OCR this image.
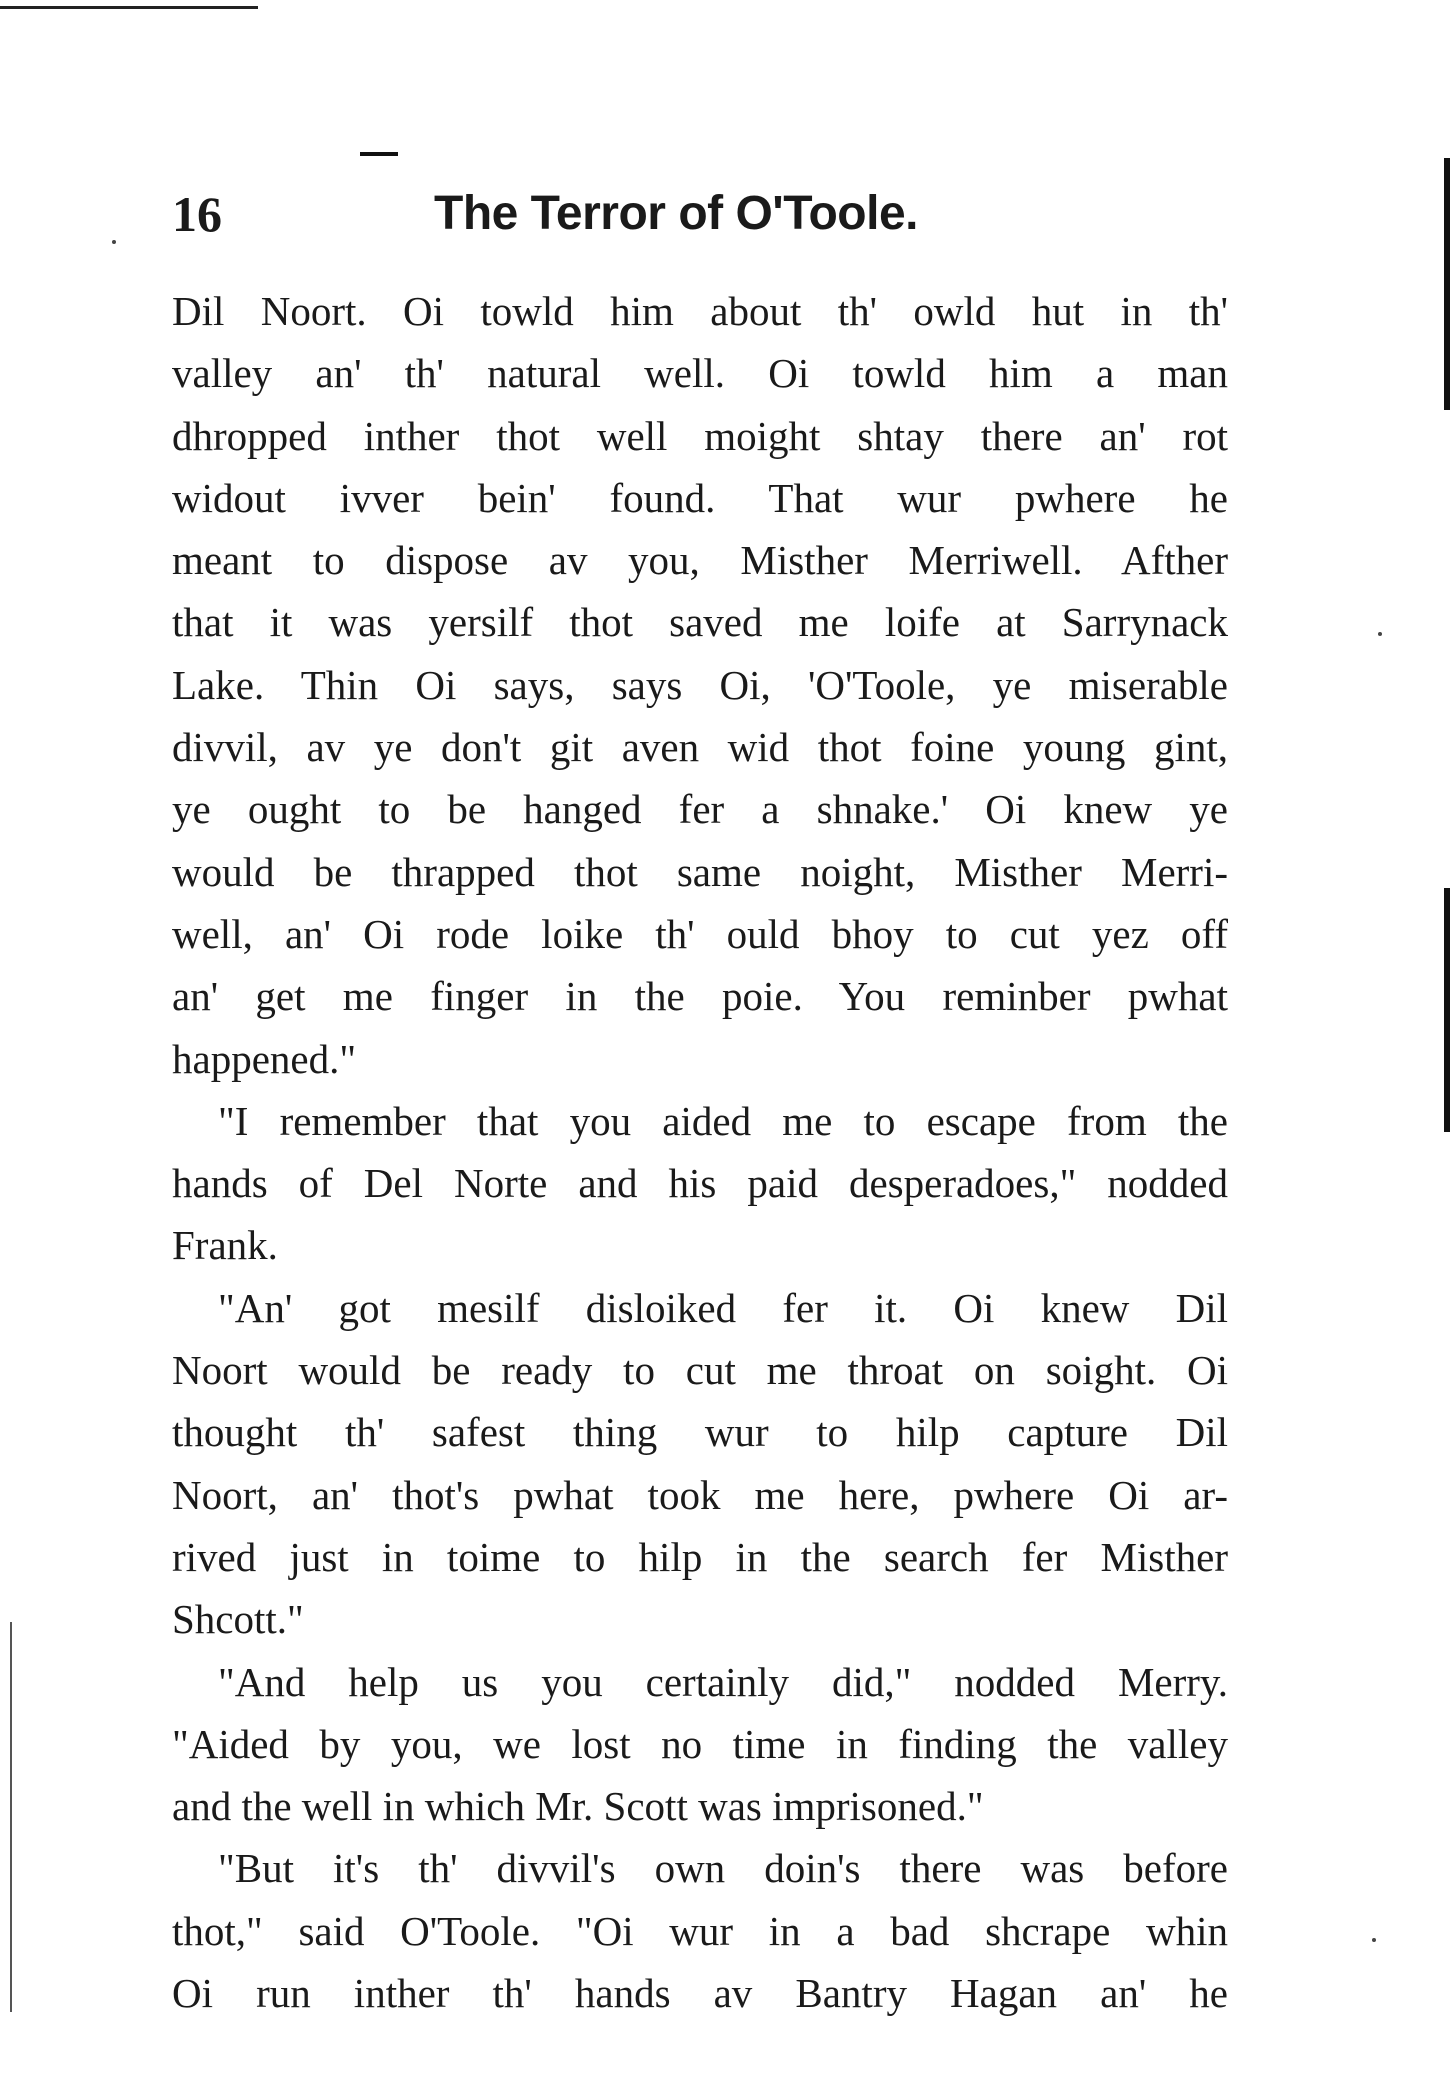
16	The Terror of O'Toole.
Dil Noort. Oi towld him about th' owld hut in th'
valley an' th' natural well. Oi towld him a man
dhropped inther thot well moight shtay there an' rot
widout ivver bein' found. That wur pwhere he
meant to dispose av you, Misther Merriwell. Afther
that it was yersilf thot saved me loife at Sarrynack
Lake. Thin Oi says, says Oi, 'O'Toole, ye miserable
divvil, av ye don't git aven wid thot foine young gint,
ye ought to be hanged fer a shnake.' Oi knew ye
would be thrapped thot same noight, Misther Merri-
well, an' Oi rode loike th' ould bhoy to cut yez off
an' get me finger in the poie. You reminber pwhat
happened."
"I remember that you aided me to escape from the
hands of Del Norte and his paid desperadoes," nodded
Frank.
"An' got mesilf disloiked fer it. Oi knew Dil
Noort would be ready to cut me throat on soight. Oi
thought th' safest thing wur to hilp capture Dil
Noort, an' thot's pwhat took me here, pwhere Oi ar-
rived just in toime to hilp in the search fer Misther
Shcott."
"And help us you certainly did," nodded Merry.
"Aided by you, we lost no time in finding the valley
and the well in which Mr. Scott was imprisoned."
"But it's th' divvil's own doin's there was before
thot," said O'Toole. "Oi wur in a bad shcrape whin
Oi run inther th' hands av Bantry Hagan an' he
